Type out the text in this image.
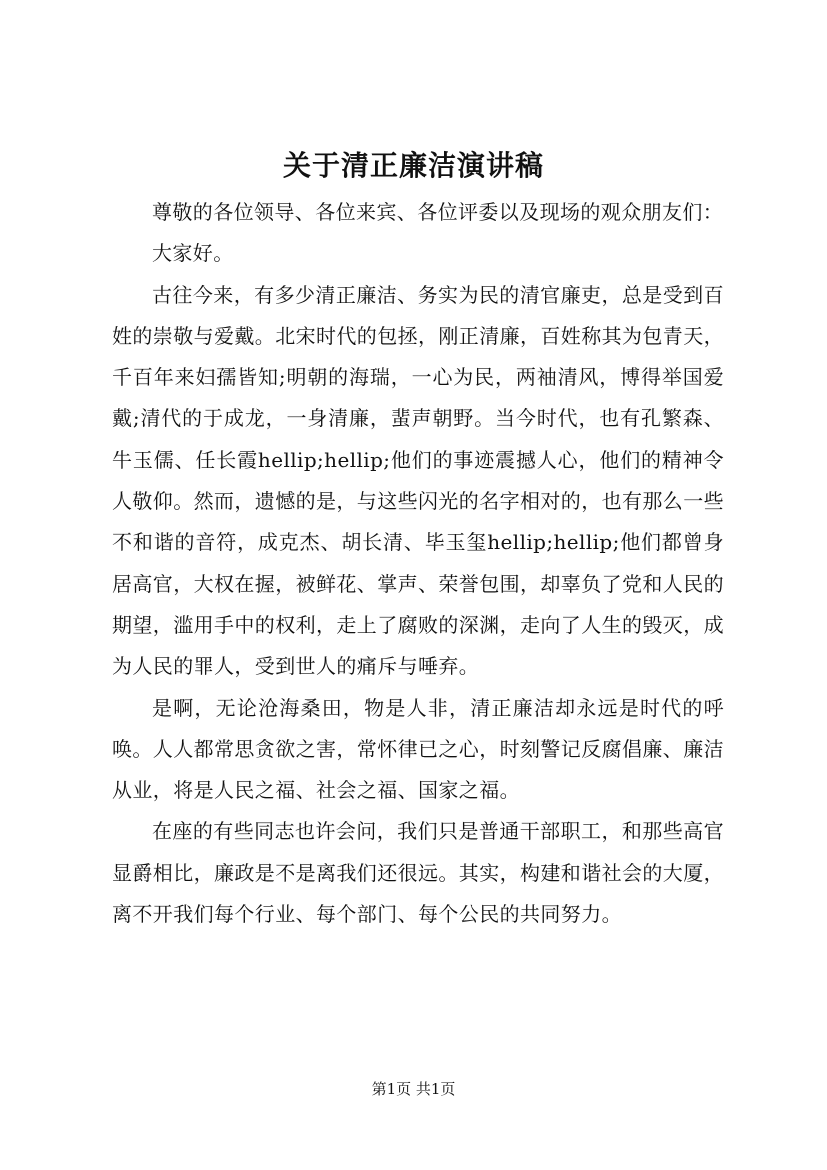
关于清正廉洁演讲稿

尊敬的各位领导、各位来宾、各位评委以及现场的观众朋友们：

大家好。

古往今来，有多少清正廉洁、务实为民的清官廉吏，总是受到百姓的崇敬与爱戴。北宋时代的包拯，刚正清廉，百姓称其为包青天，千百年来妇孺皆知;明朝的海瑞，一心为民，两袖清风，博得举国爱戴;清代的于成龙，一身清廉，蜚声朝野。当今时代，也有孔繁森、牛玉儒、任长霞hellip;hellip;他们的事迹震撼人心，他们的精神令人敬仰。然而，遗憾的是，与这些闪光的名字相对的，也有那么一些不和谐的音符，成克杰、胡长清、毕玉玺hellip;hellip;他们都曾身居高官，大权在握，被鲜花、掌声、荣誉包围，却辜负了党和人民的期望，滥用手中的权利，走上了腐败的深渊，走向了人生的毁灭，成为人民的罪人，受到世人的痛斥与唾弃。

是啊，无论沧海桑田，物是人非，清正廉洁却永远是时代的呼唤。人人都常思贪欲之害，常怀律已之心，时刻警记反腐倡廉、廉洁从业，将是人民之福、社会之福、国家之福。

在座的有些同志也许会问，我们只是普通干部职工，和那些高官显爵相比，廉政是不是离我们还很远。其实，构建和谐社会的大厦，离不开我们每个行业、每个部门、每个公民的共同努力。

第1页 共1页
